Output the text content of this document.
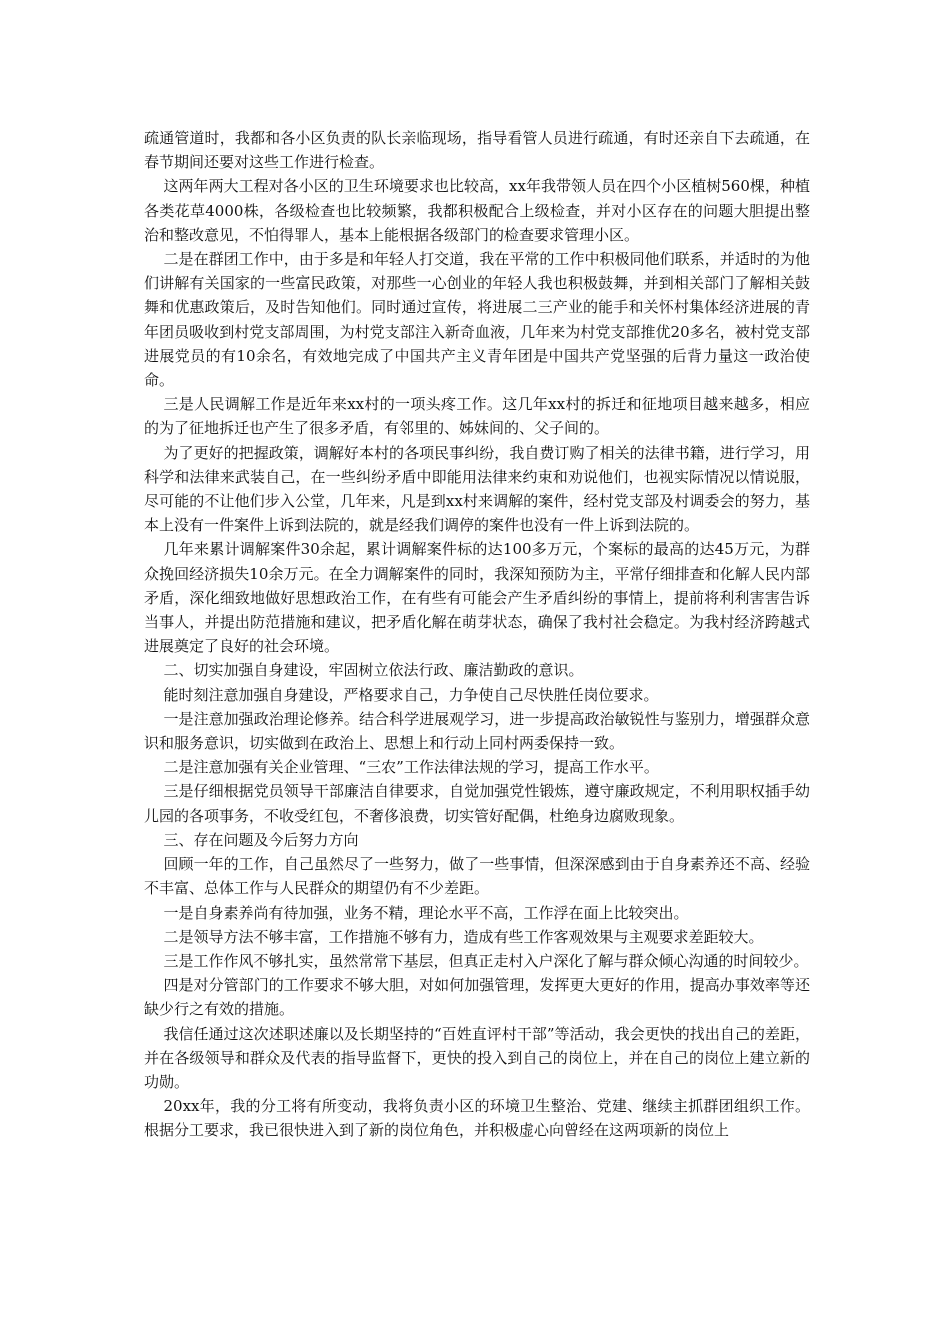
疏通管道时，我都和各小区负责的队长亲临现场，指导看管人员进行疏通，有时还亲自下去疏通，在春节期间还要对这些工作进行检查。

这两年两大工程对各小区的卫生环境要求也比较高，xx年我带领人员在四个小区植树560棵，种植各类花草4000株，各级检查也比较频繁，我都积极配合上级检查，并对小区存在的问题大胆提出整治和整改意见，不怕得罪人，基本上能根据各级部门的检查要求管理小区。

二是在群团工作中，由于多是和年轻人打交道，我在平常的工作中积极同他们联系，并适时的为他们讲解有关国家的一些富民政策，对那些一心创业的年轻人我也积极鼓舞，并到相关部门了解相关鼓舞和优惠政策后，及时告知他们。同时通过宣传，将进展二三产业的能手和关怀村集体经济进展的青年团员吸收到村党支部周围，为村党支部注入新奇血液，几年来为村党支部推优20多名，被村党支部进展党员的有10余名，有效地完成了中国共产主义青年团是中国共产党坚强的后背力量这一政治使命。

三是人民调解工作是近年来xx村的一项头疼工作。这几年xx村的拆迁和征地项目越来越多，相应的为了征地拆迁也产生了很多矛盾，有邻里的、姊妹间的、父子间的。

为了更好的把握政策，调解好本村的各项民事纠纷，我自费订购了相关的法律书籍，进行学习，用科学和法律来武装自己，在一些纠纷矛盾中即能用法律来约束和劝说他们，也视实际情况以情说服，尽可能的不让他们步入公堂，几年来，凡是到xx村来调解的案件，经村党支部及村调委会的努力，基本上没有一件案件上诉到法院的，就是经我们调停的案件也没有一件上诉到法院的。

几年来累计调解案件30余起，累计调解案件标的达100多万元，个案标的最高的达45万元，为群众挽回经济损失10余万元。在全力调解案件的同时，我深知预防为主，平常仔细排查和化解人民内部矛盾，深化细致地做好思想政治工作，在有些有可能会产生矛盾纠纷的事情上，提前将利利害害告诉当事人，并提出防范措施和建议，把矛盾化解在萌芽状态，确保了我村社会稳定。为我村经济跨越式进展奠定了良好的社会环境。

二、切实加强自身建设，牢固树立依法行政、廉洁勤政的意识。

能时刻注意加强自身建设，严格要求自己，力争使自己尽快胜任岗位要求。

一是注意加强政治理论修养。结合科学进展观学习，进一步提高政治敏锐性与鉴别力，增强群众意识和服务意识，切实做到在政治上、思想上和行动上同村两委保持一致。

二是注意加强有关企业管理、“三农”工作法律法规的学习，提高工作水平。

三是仔细根据党员领导干部廉洁自律要求，自觉加强党性锻炼，遵守廉政规定，不利用职权插手幼儿园的各项事务，不收受红包，不奢侈浪费，切实管好配偶，杜绝身边腐败现象。

三、存在问题及今后努力方向

回顾一年的工作，自己虽然尽了一些努力，做了一些事情，但深深感到由于自身素养还不高、经验不丰富、总体工作与人民群众的期望仍有不少差距。

一是自身素养尚有待加强，业务不精，理论水平不高，工作浮在面上比较突出。

二是领导方法不够丰富，工作措施不够有力，造成有些工作客观效果与主观要求差距较大。

三是工作作风不够扎实，虽然常常下基层，但真正走村入户深化了解与群众倾心沟通的时间较少。

四是对分管部门的工作要求不够大胆，对如何加强管理，发挥更大更好的作用，提高办事效率等还缺少行之有效的措施。

我信任通过这次述职述廉以及长期坚持的“百姓直评村干部”等活动，我会更快的找出自己的差距，并在各级领导和群众及代表的指导监督下，更快的投入到自己的岗位上，并在自己的岗位上建立新的功勋。

20xx年，我的分工将有所变动，我将负责小区的环境卫生整治、党建、继续主抓群团组织工作。根据分工要求，我已很快进入到了新的岗位角色，并积极虚心向曾经在这两项新的岗位上
